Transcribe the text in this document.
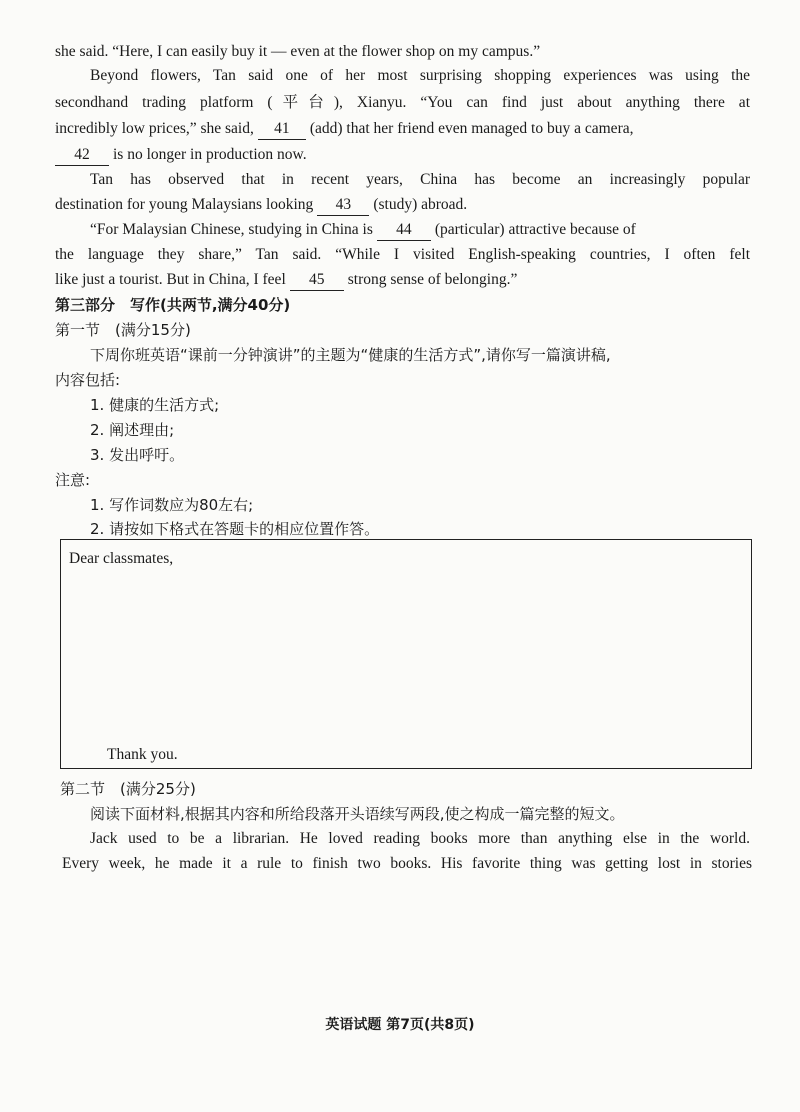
she said. “Here, I can easily buy it — even at the flower shop on my campus.”
Beyond flowers, Tan said one of her most surprising shopping experiences was using the
secondhand trading platform (平台), Xianyu. “You can find just about anything there at
incredibly low prices,” she said, 41 (add) that her friend even managed to buy a camera,
42 is no longer in production now.
Tan has observed that in recent years, China has become an increasingly popular
destination for young Malaysians looking 43 (study) abroad.
“For Malaysian Chinese, studying in China is 44 (particular) attractive because of
the language they share,” Tan said. “While I visited English-speaking countries, I often felt
like just a tourist. But in China, I feel 45 strong sense of belonging.”
第三部分　写作(共两节,满分40分)
第一节　(满分15分)
下周你班英语“课前一分钟演讲”的主题为“健康的生活方式”,请你写一篇演讲稿,
内容包括:
1. 健康的生活方式;
2. 阐述理由;
3. 发出呼吁。
注意:
1. 写作词数应为80左右;
2. 请按如下格式在答题卡的相应位置作答。
Dear classmates,
Thank you.
第二节　(满分25分)
阅读下面材料,根据其内容和所给段落开头语续写两段,使之构成一篇完整的短文。
Jack used to be a librarian. He loved reading books more than anything else in the world.
Every week, he made it a rule to finish two books. His favorite thing was getting lost in stories
英语试题 第7页(共8页)
